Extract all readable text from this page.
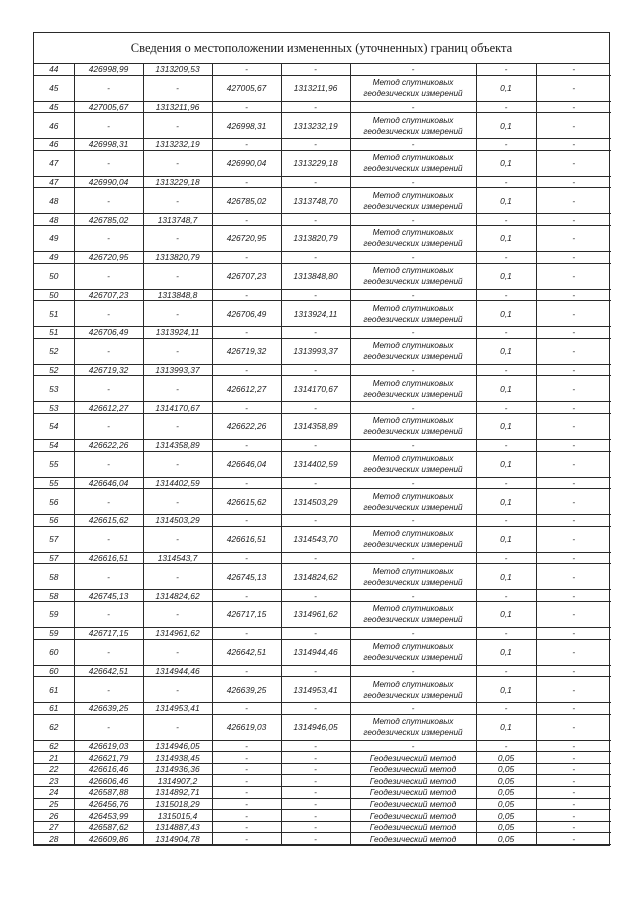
Сведения о местоположении измененных (уточненных) границ объекта
44	426998,99	1313209,53	-	-	-	-	-
45	-	-	427005,67	1313211,96	Метод спутниковых геодезических измерений	0,1	-
45	427005,67	1313211,96	-	-	-	-	-
46	-	-	426998,31	1313232,19	Метод спутниковых геодезических измерений	0,1	-
46	426998,31	1313232,19	-	-	-	-	-
47	-	-	426990,04	1313229,18	Метод спутниковых геодезических измерений	0,1	-
47	426990,04	1313229,18	-	-	-	-	-
48	-	-	426785,02	1313748,70	Метод спутниковых геодезических измерений	0,1	-
48	426785,02	1313748,7	-	-	-	-	-
49	-	-	426720,95	1313820,79	Метод спутниковых геодезических измерений	0,1	-
49	426720,95	1313820,79	-	-	-	-	-
50	-	-	426707,23	1313848,80	Метод спутниковых геодезических измерений	0,1	-
50	426707,23	1313848,8	-	-	-	-	-
51	-	-	426706,49	1313924,11	Метод спутниковых геодезических измерений	0,1	-
51	426706,49	1313924,11	-	-	-	-	-
52	-	-	426719,32	1313993,37	Метод спутниковых геодезических измерений	0,1	-
52	426719,32	1313993,37	-	-	-	-	-
53	-	-	426612,27	1314170,67	Метод спутниковых геодезических измерений	0,1	-
53	426612,27	1314170,67	-	-	-	-	-
54	-	-	426622,26	1314358,89	Метод спутниковых геодезических измерений	0,1	-
54	426622,26	1314358,89	-	-	-	-	-
55	-	-	426646,04	1314402,59	Метод спутниковых геодезических измерений	0,1	-
55	426646,04	1314402,59	-	-	-	-	-
56	-	-	426615,62	1314503,29	Метод спутниковых геодезических измерений	0,1	-
56	426615,62	1314503,29	-	-	-	-	-
57	-	-	426616,51	1314543,70	Метод спутниковых геодезических измерений	0,1	-
57	426616,51	1314543,7	-	-	-	-	-
58	-	-	426745,13	1314824,62	Метод спутниковых геодезических измерений	0,1	-
58	426745,13	1314824,62	-	-	-	-	-
59	-	-	426717,15	1314961,62	Метод спутниковых геодезических измерений	0,1	-
59	426717,15	1314961,62	-	-	-	-	-
60	-	-	426642,51	1314944,46	Метод спутниковых геодезических измерений	0,1	-
60	426642,51	1314944,46	-	-	-	-	-
61	-	-	426639,25	1314953,41	Метод спутниковых геодезических измерений	0,1	-
61	426639,25	1314953,41	-	-	-	-	-
62	-	-	426619,03	1314946,05	Метод спутниковых геодезических измерений	0,1	-
62	426619,03	1314946,05	-	-	-	-	-
21	426621,79	1314938,45	-	-	Геодезический метод	0,05	-
22	426616,46	1314936,36	-	-	Геодезический метод	0,05	-
23	426606,46	1314907,2	-	-	Геодезический метод	0,05	-
24	426587,88	1314892,71	-	-	Геодезический метод	0,05	-
25	426456,76	1315018,29	-	-	Геодезический метод	0,05	-
26	426453,99	1315015,4	-	-	Геодезический метод	0,05	-
27	426587,62	1314887,43	-	-	Геодезический метод	0,05	-
28	426609,86	1314904,78	-	-	Геодезический метод	0,05	-
